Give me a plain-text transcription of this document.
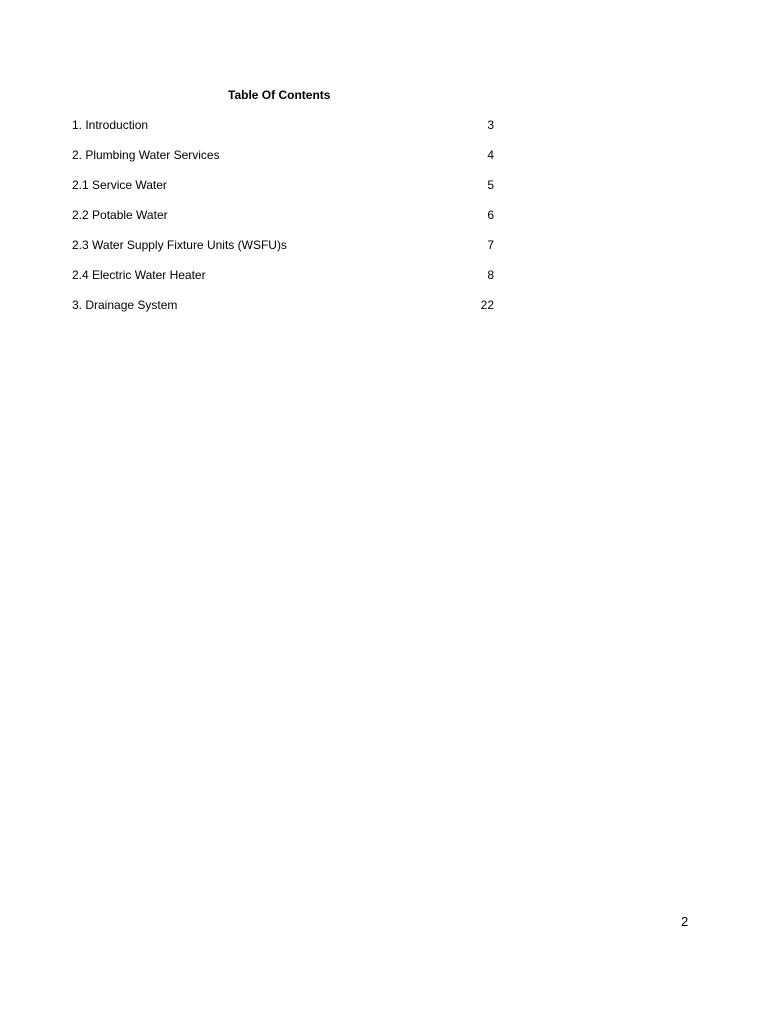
Table Of Contents
1. Introduction	3
2. Plumbing Water Services	4
2.1 Service Water	5
2.2 Potable Water	6
2.3 Water Supply Fixture Units (WSFU)s	7
2.4 Electric Water Heater	8
3. Drainage System	22
2
